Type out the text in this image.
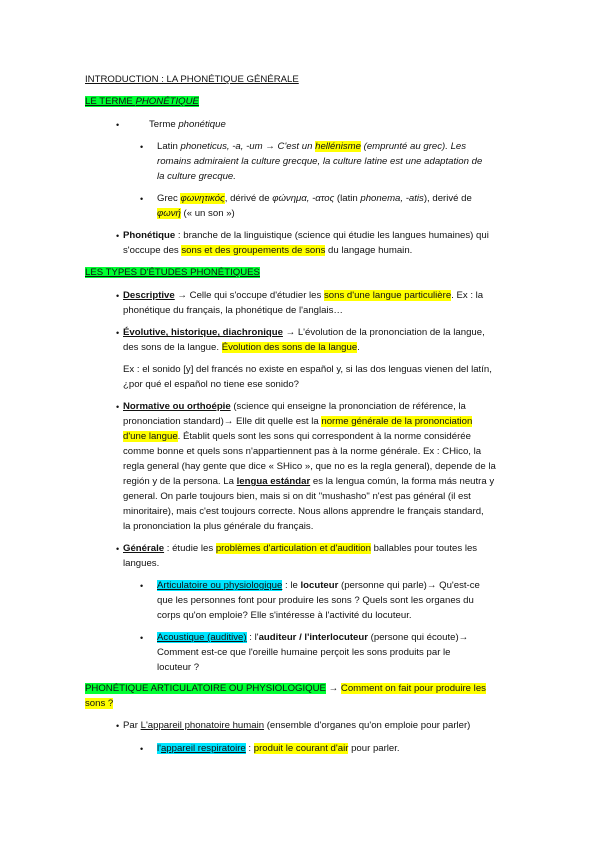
INTRODUCTION : LA PHONÉTIQUE GÉNÉRALE
LE TERME PHONÉTIQUE
•	Terme phonétique
• Latin phoneticus, -a, -um → C'est un hellénisme (emprunté au grec). Les
romains admiraient la culture grecque, la culture latine est une adaptation de
la culture grecque.
• Grec φωνητικός, dérivé de φώνημα, -ατος (latin phonema, -atis), derivé de
φωνή (« un son »)
• Phonétique : branche de la linguistique (science qui étudie les langues humaines) qui
s'occupe des sons et des groupements de sons du langage humain.
LES TYPES D'ÉTUDES PHONÉTIQUES
• Descriptive → Celle qui s'occupe d'étudier les sons d'une langue particulière. Ex : la
phonétique du français, la phonétique de l'anglais…
• Évolutive, historique, diachronique → L'évolution de la prononciation de la langue,
des sons de la langue. Évolution des sons de la langue.
Ex : el sonido [y] del francés no existe en español y, si las dos lenguas vienen del latín,
¿por qué el español no tiene ese sonido?
• Normative ou orthoépie (science qui enseigne la prononciation de référence, la
prononciation standard)→ Elle dit quelle est la norme générale de la prononciation
d'une langue. Établit quels sont les sons qui correspondent à la norme considérée
comme bonne et quels sons n'appartiennent pas à la norme générale. Ex : CHico, la
regla general (hay gente que dice « SHico », que no es la regla general), depende de la
región y de la persona. La lengua estándar es la lengua común, la forma más neutra y
general. On parle toujours bien, mais si on dit "mushasho" n'est pas général (il est
minoritaire), mais c'est toujours correcte. Nous allons apprendre le français standard,
la prononciation la plus générale du français.
• Générale : étudie les problèmes d'articulation et d'audition ballables pour toutes les
langues.
• Articulatoire ou physiologique : le locuteur (personne qui parle)→ Qu'est-ce
que les personnes font pour produire les sons ? Quels sont les organes du
corps qu'on emploie? Elle s'intéresse à l'activité du locuteur.
• Acoustique (auditive) : l'auditeur / l'interlocuteur (persone qui écoute)→
Comment est-ce que l'oreille humaine perçoit les sons produits par le
locuteur ?
PHONÉTIQUE ARTICULATOIRE OU PHYSIOLOGIQUE → Comment on fait pour produire les
sons ?
• Par L'appareil phonatoire humain (ensemble d'organes qu'on emploie pour parler)
• l'appareil respiratoire : produit le courant d'air pour parler.
